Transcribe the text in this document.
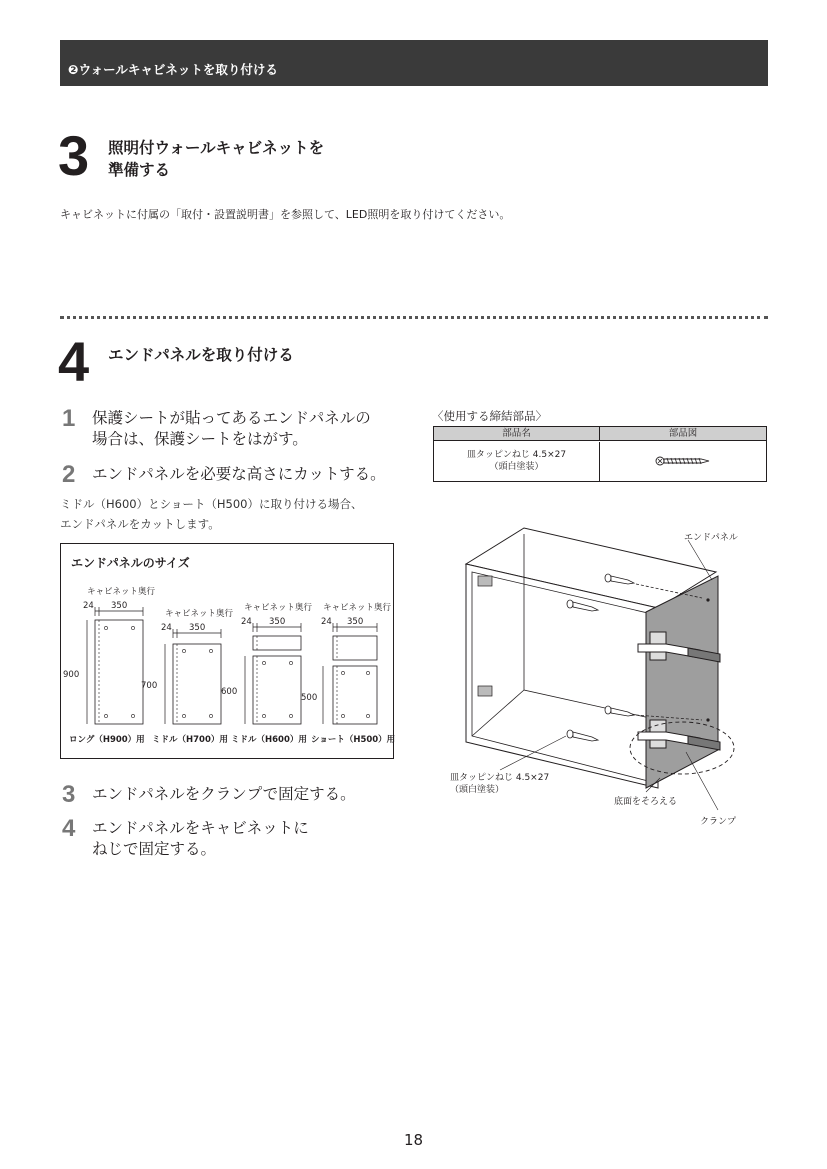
❷ウォールキャビネットを取り付ける
3 照明付ウォールキャビネットを
準備する
キャビネットに付属の「取付・設置説明書」を参照して、LED照明を取り付けてください。
4 エンドパネルを取り付ける
1 保護シートが貼ってあるエンドパネルの
場合は、保護シートをはがす。
2 エンドパネルを必要な高さにカットする。
ミドル（H600）とショート（H500）に取り付ける場合、
エンドパネルをカットします。
エンドパネルのサイズ
キャビネット奥行
24 350
900
キャビネット奥行
24 350
700
キャビネット奥行
24 350
600
キャビネット奥行
24 350
500
ロング（H900）用 ミドル（H700）用 ミドル（H600）用 ショート（H500）用
3 エンドパネルをクランプで固定する。
4 エンドパネルをキャビネットに
ねじで固定する。
〈使用する締結部品〉
部品名	部品図
皿タッピンねじ 4.5×27
（頭白塗装）
エンドパネル
皿タッピンねじ 4.5×27
（頭白塗装）
底面をそろえる
クランプ
18
